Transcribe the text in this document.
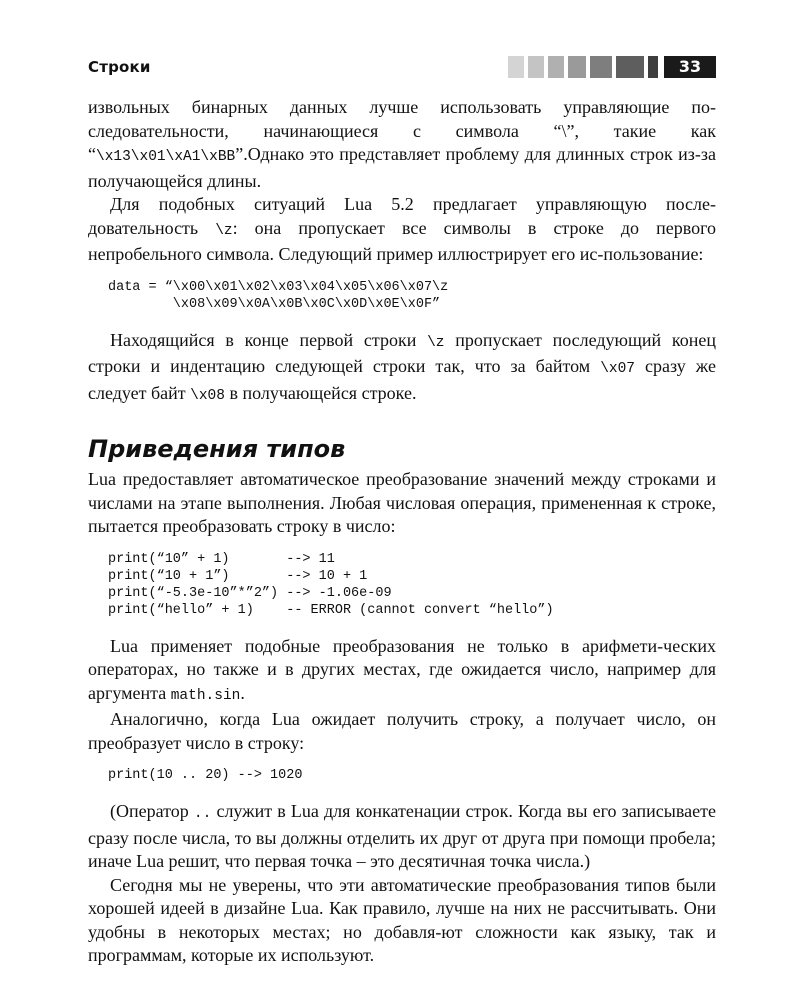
Строки	33

извольных бинарных данных лучше использовать управляющие по-следовательности, начинающиеся с символа “\”, такие как “\x13\x01\xA1\xBB”.Однако это представляет проблему для длинных строк из-за получающейся длины.

Для подобных ситуаций Lua 5.2 предлагает управляющую после-довательность \z: она пропускает все символы в строке до первого непробельного символа. Следующий пример иллюстрирует его ис-пользование:

data = “\x00\x01\x02\x03\x04\x05\x06\x07\z
\x08\x09\x0A\x0B\x0C\x0D\x0E\x0F”

Находящийся в конце первой строки \z пропускает последующий конец строки и индентацию следующей строки так, что за байтом \x07 сразу же следует байт \x08 в получающейся строке.

Приведения типов

Lua предоставляет автоматическое преобразование значений между строками и числами на этапе выполнения. Любая числовая операция, примененная к строке, пытается преобразовать строку в число:

print(“10” + 1)       --> 11
print(“10 + 1”)       --> 10 + 1
print(“-5.3e-10”*”2”) --> -1.06e-09
print(“hello” + 1)    -- ERROR (cannot convert “hello”)

Lua применяет подобные преобразования не только в арифмети-ческих операторах, но также и в других местах, где ожидается число, например для аргумента math.sin.

Аналогично, когда Lua ожидает получить строку, а получает число, он преобразует число в строку:

print(10 .. 20) --> 1020

(Оператор .. служит в Lua для конкатенации строк. Когда вы его записываете сразу после числа, то вы должны отделить их друг от друга при помощи пробела; иначе Lua решит, что первая точка – это десятичная точка числа.)

Сегодня мы не уверены, что эти автоматические преобразования типов были хорошей идеей в дизайне Lua. Как правило, лучше на них не рассчитывать. Они удобны в некоторых местах; но добавля-ют сложности как языку, так и программам, которые их используют.
